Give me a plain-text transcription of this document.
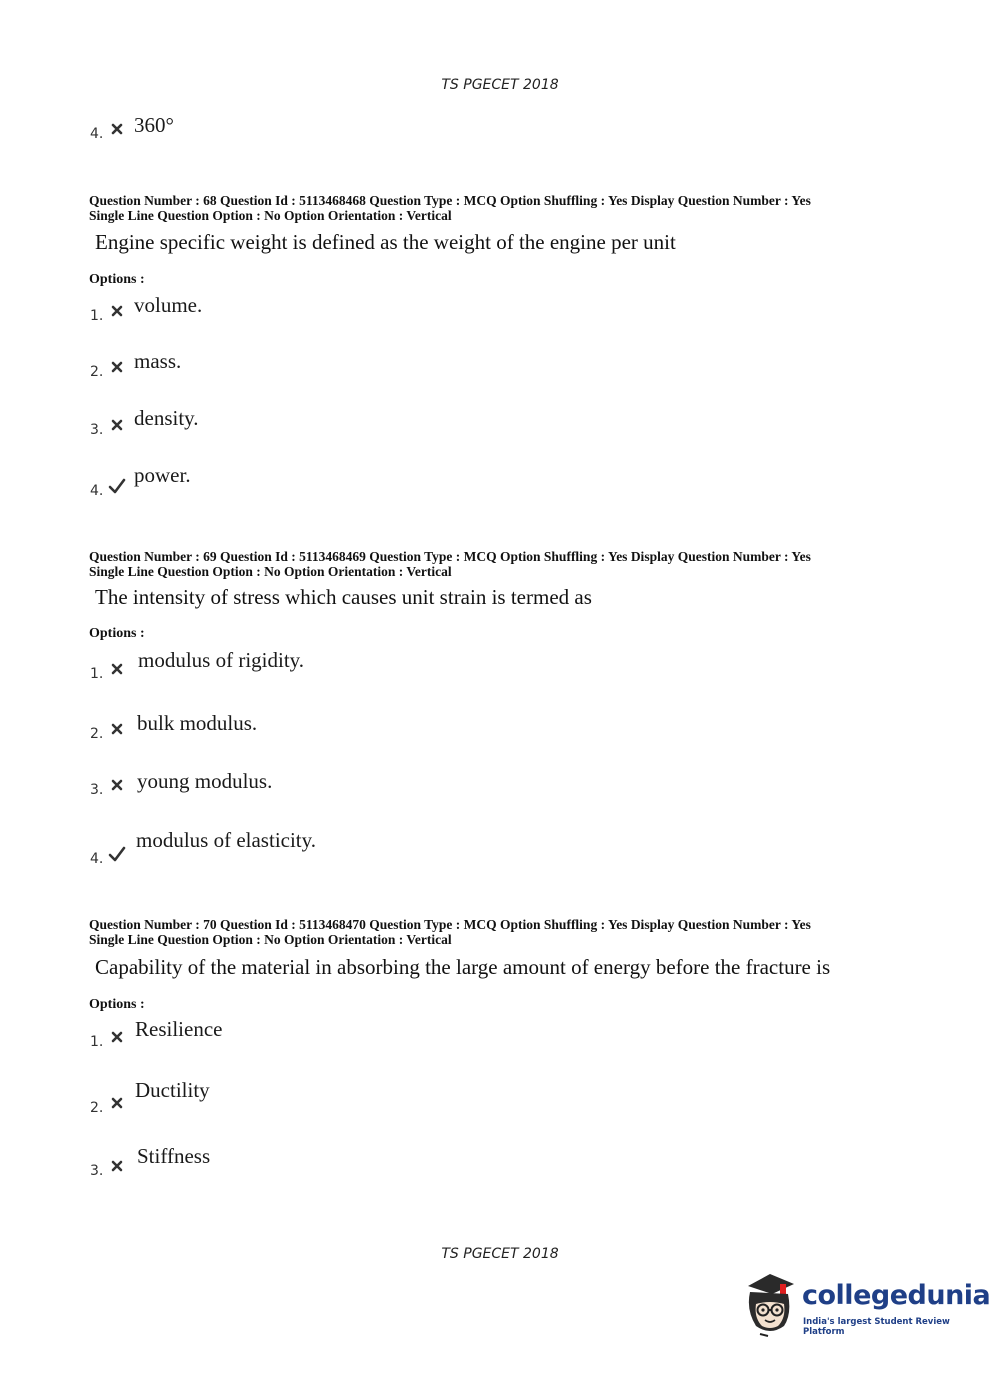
TS PGECET 2018
4. 360°
Question Number : 68 Question Id : 5113468468 Question Type : MCQ Option Shuffling : Yes Display Question Number : Yes
Single Line Question Option : No Option Orientation : Vertical
Engine specific weight is defined as the weight of the engine per unit
Options :
1. volume.
2. mass.
3. density.
4.
power.
Question Number : 69 Question Id : 5113468469 Question Type : MCQ Option Shuffling : Yes Display Question Number : Yes
Single Line Question Option : No Option Orientation : Vertical
The intensity of stress which causes unit strain is termed as
Options :
1.
modulus of rigidity.
2. bulk modulus.
3. young modulus.
4.
modulus of elasticity.
Question Number : 70 Question Id : 5113468470 Question Type : MCQ Option Shuffling : Yes Display Question Number : Yes
Single Line Question Option : No Option Orientation : Vertical
Capability of the material in absorbing the large amount of energy before the fracture is
Options :
1.
Resilience
2.
Ductility
3.
Stiffness
TS PGECET 2018
collegedunia
India's largest Student Review Platform
